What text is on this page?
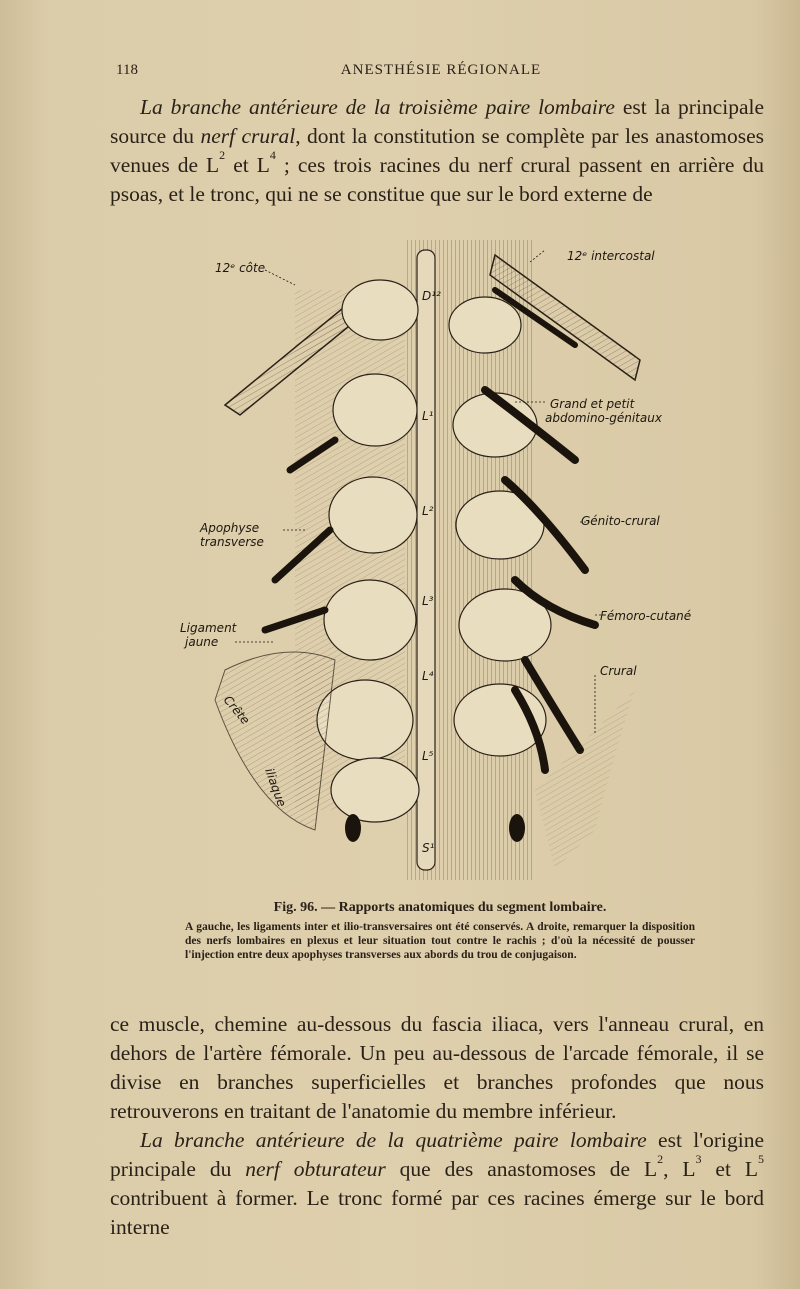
118	ANESTHÉSIE RÉGIONALE

La branche antérieure de la troisième paire lombaire est la principale source du nerf crural, dont la constitution se complète par les anastomoses venues de $L^2$ et $L^4$ ; ces trois racines du nerf crural passent en arrière du psoas, et le tronc, qui ne se constitue que sur le bord externe de

12ᵉ côte
12ᵉ intercostal
Grand et petit
abdomino-génitaux
Apophyse
transverse
Génito-crural
Ligament
jaune
Fémoro-cutané
Crural
Crête
iliaque
D¹²
L¹
L²
L³
L⁴
L⁵
S¹
Fig. 96. — Rapports anatomiques du segment lombaire.
A gauche, les ligaments inter et ilio-transversaires ont été conservés. A droite, remarquer la disposition des nerfs lombaires en plexus et leur situation tout contre le rachis ; d'où la nécessité de pousser l'injection entre deux apophyses transverses aux abords du trou de conjugaison.

ce muscle, chemine au-dessous du fascia iliaca, vers l'anneau crural, en dehors de l'artère fémorale. Un peu au-dessous de l'arcade fémorale, il se divise en branches superficielles et branches profondes que nous retrouverons en traitant de l'anatomie du membre inférieur.

La branche antérieure de la quatrième paire lombaire est l'origine principale du nerf obturateur que des anastomoses de $L^2$, $L^3$ et $L^5$ contribuent à former. Le tronc formé par ces racines émerge sur le bord interne
